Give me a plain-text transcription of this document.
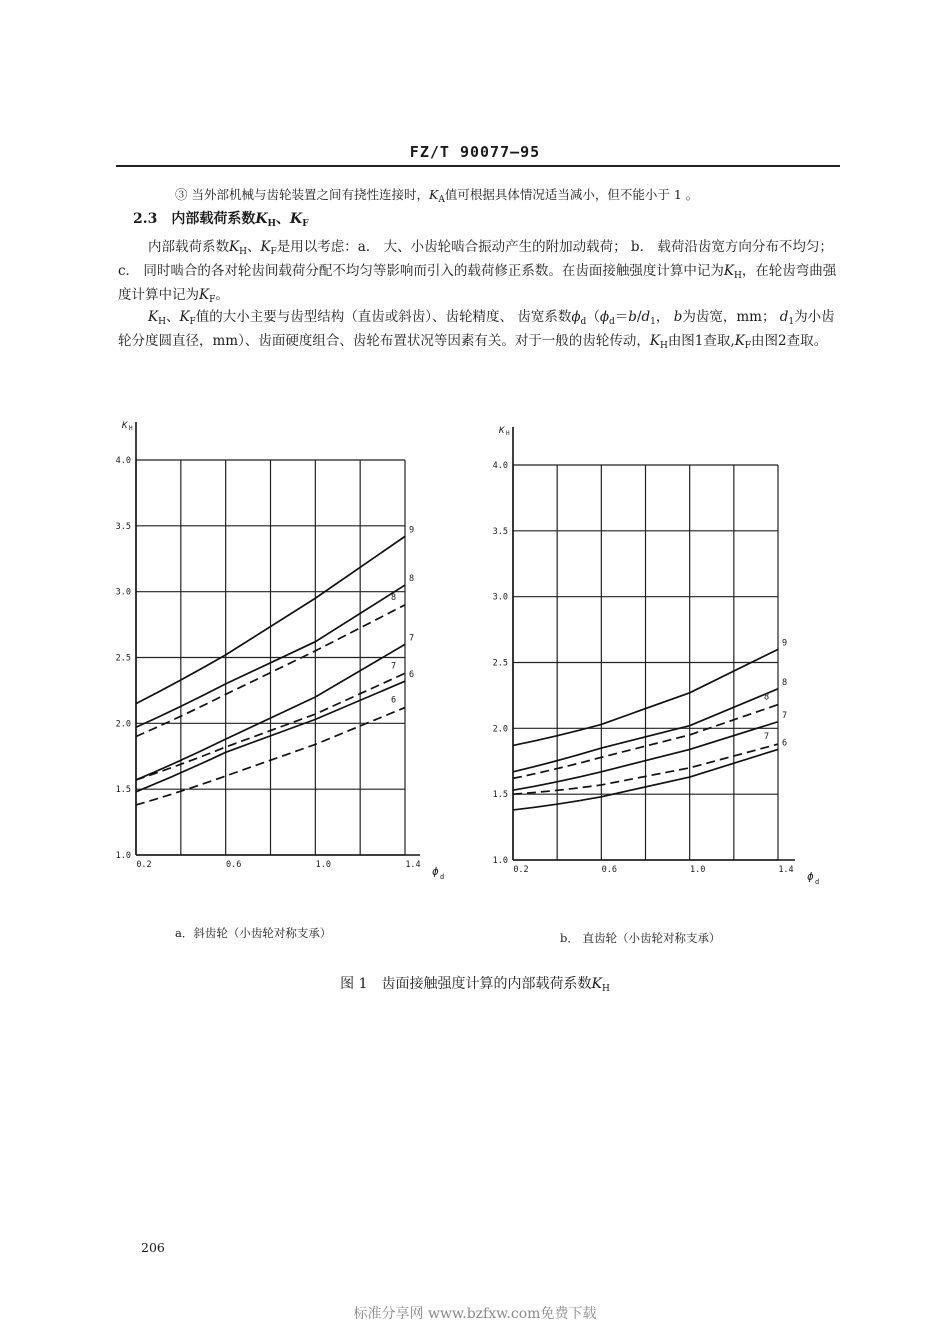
FZ/T 90077—95
③ 当外部机械与齿轮装置之间有挠性连接时，$K_A$值可根据具体情况适当减小，但不能小于 1 。
2.3　 内部载荷系数$K_H$、$K_F$
内部载荷系数$K_H$、$K_F$是用以考虑：a． 大、小齿轮啮合振动产生的附加动载荷； b． 载荷沿齿宽方向分布不均匀； c． 同时啮合的各对轮齿间载荷分配不均匀等影响而引入的载荷修正系数。在齿面接触强度计算中记为$K_H$，在轮齿弯曲强度计算中记为$K_F$。
$K_H$、$K_F$值的大小主要与齿型结构（直齿或斜齿）、齿轮精度、 齿宽系数$\phi_d(\phi_d=b/d_1$， b为齿宽，mm； $d_1$为小齿轮分度圆直径，mm）、齿面硬度组合、齿轮布置状况等因素有关。对于一般的齿轮传动，$K_H$由图1查取$,K_F$由图2查取。
1.0
1.5
2.0
2.5
3.0
3.5
4.0
0.2	0.6	1.0	1.4
K H
ϕ d
9
8
8
7
7
6
6
1.0
1.5
2.0
2.5
3.0
3.5
4.0
0.2	0.6	1.0	1.4
K H
ϕ d
9
8
8
7
7
6
a．斜齿轮（小齿轮对称支承）	b． 直齿轮（小齿轮对称支承）
图 1　齿面接触强度计算的内部载荷系数$K_H$
206
标准分享网 www.bzfxw.com免费下载
